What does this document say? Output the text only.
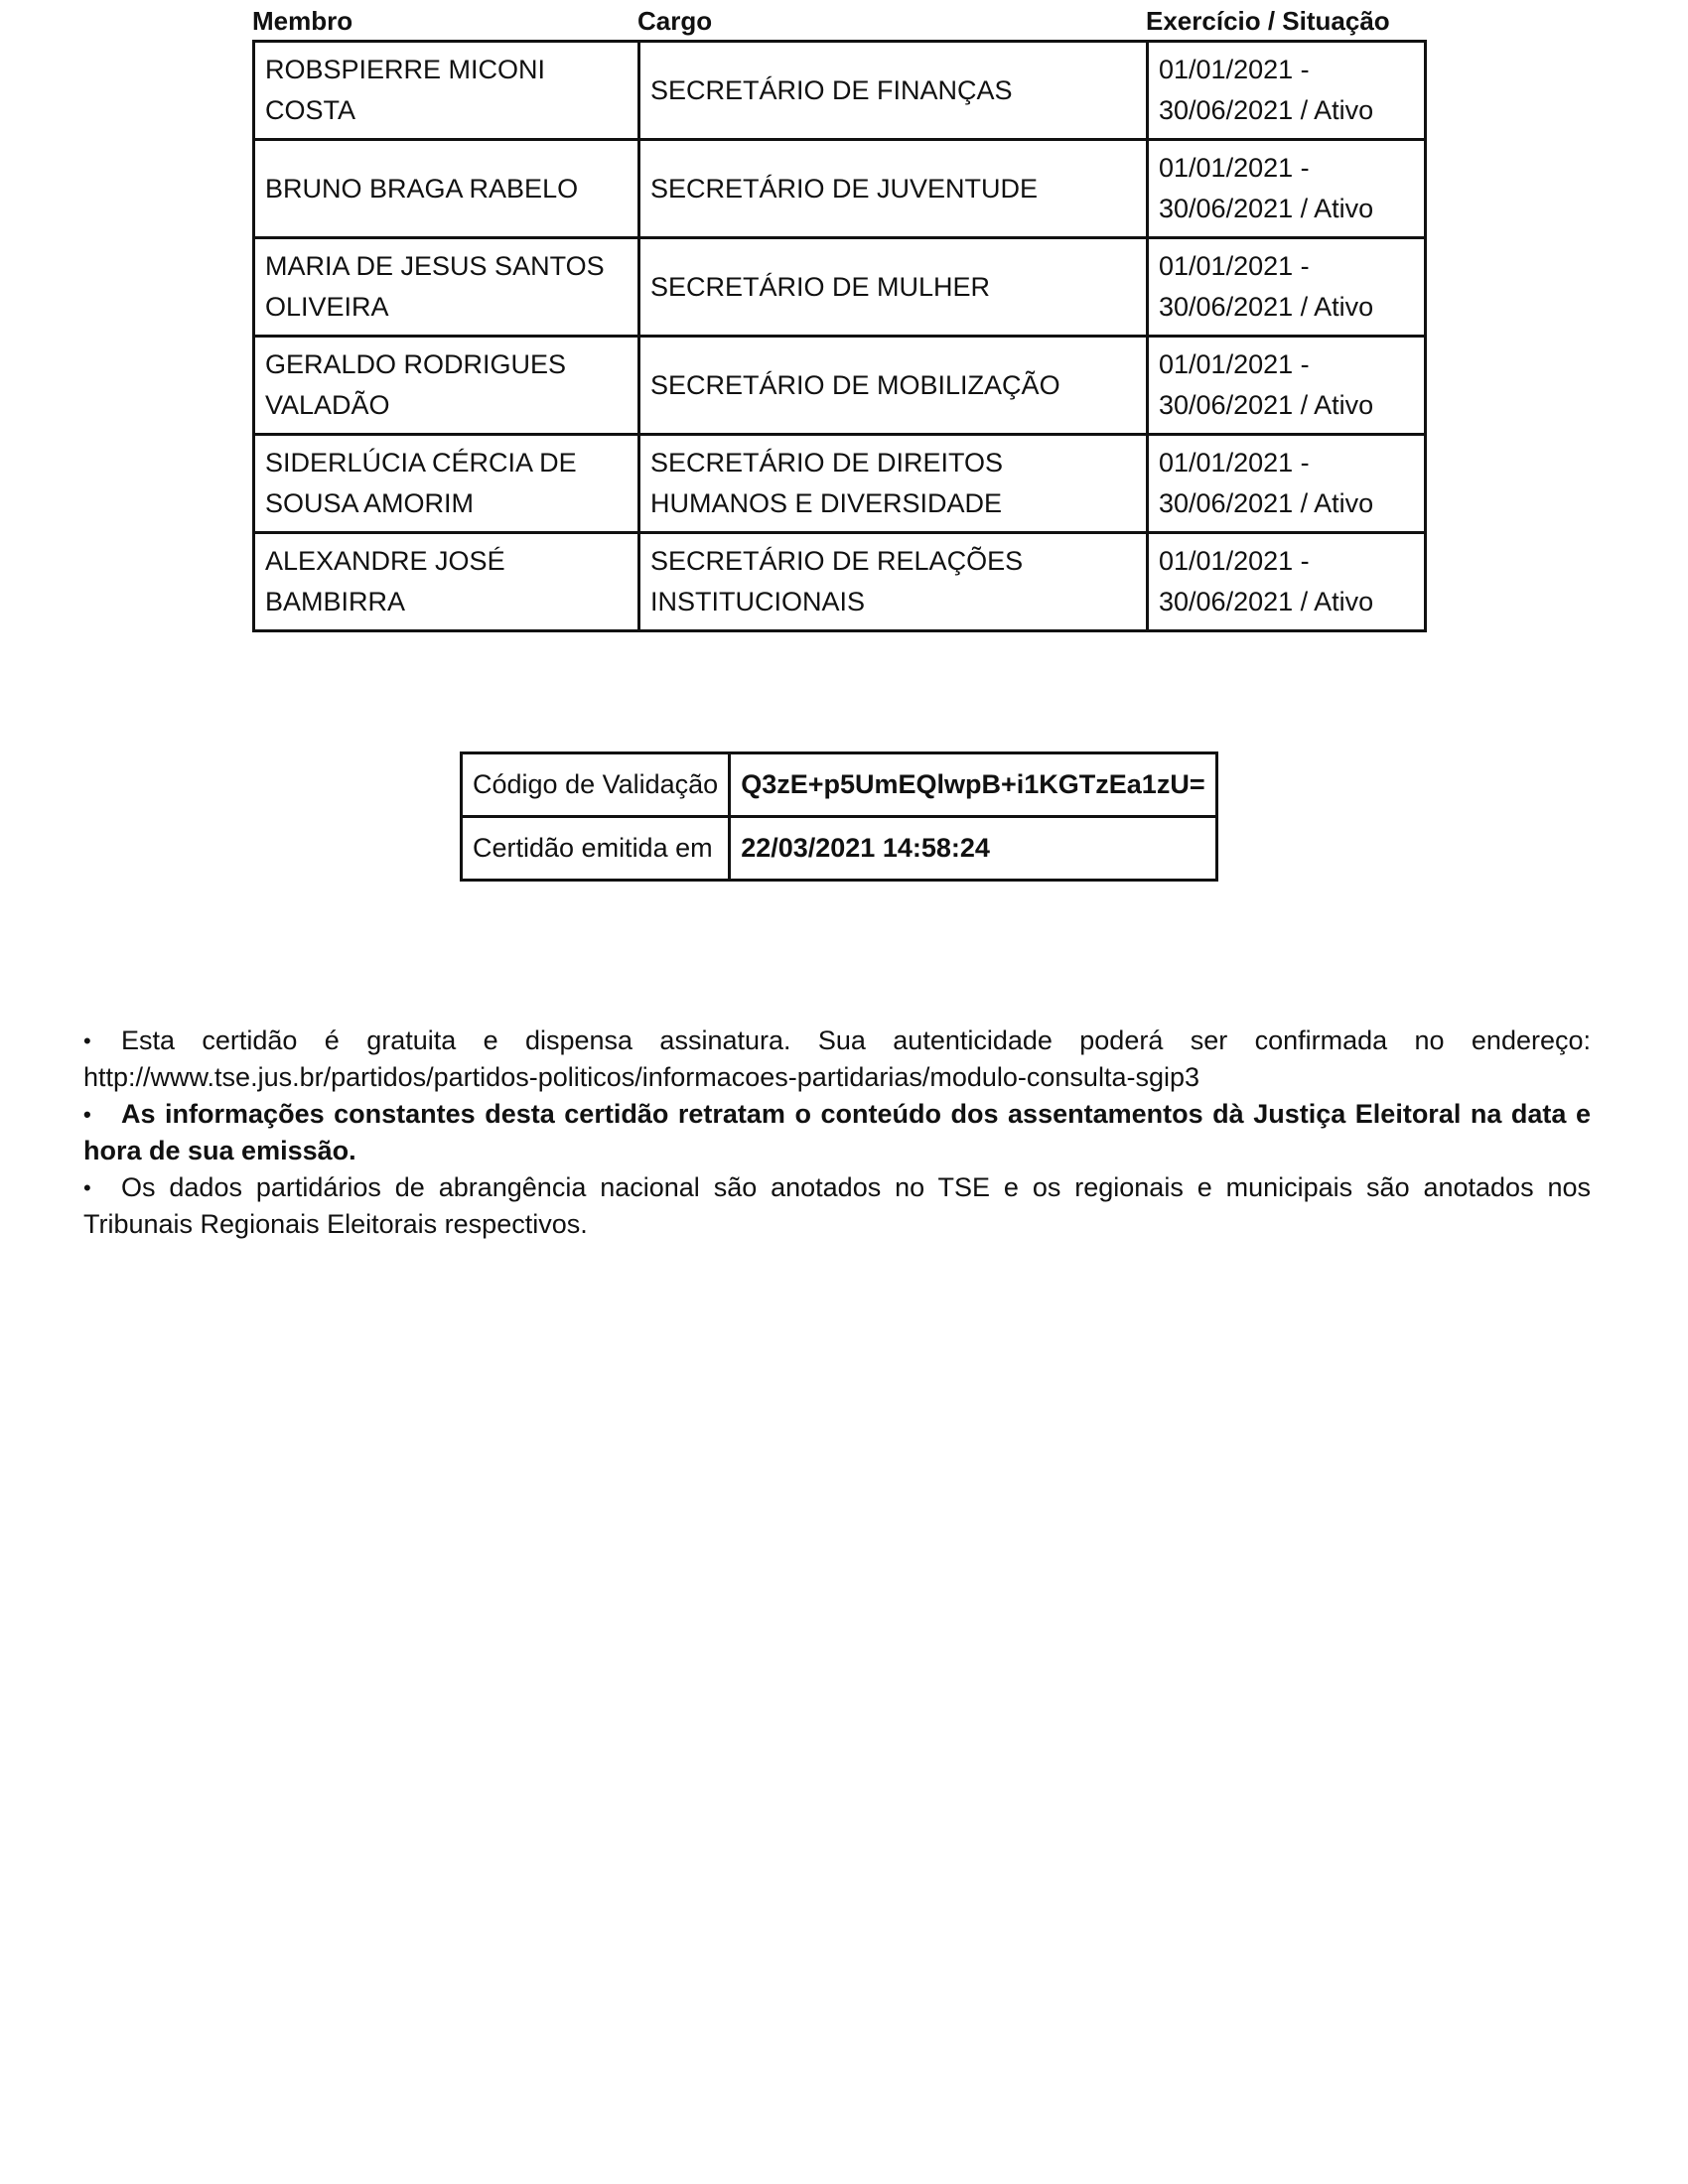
Membro	Cargo	Exercício / Situação
ROBSPIERRE MICONI COSTA	SECRETÁRIO DE FINANÇAS	01/01/2021 - 30/06/2021 / Ativo
BRUNO BRAGA RABELO	SECRETÁRIO DE JUVENTUDE	01/01/2021 - 30/06/2021 / Ativo
MARIA DE JESUS SANTOS OLIVEIRA	SECRETÁRIO DE MULHER	01/01/2021 - 30/06/2021 / Ativo
GERALDO RODRIGUES VALADÃO	SECRETÁRIO DE MOBILIZAÇÃO	01/01/2021 - 30/06/2021 / Ativo
SIDERLÚCIA CÉRCIA DE SOUSA AMORIM	SECRETÁRIO DE DIREITOS HUMANOS E DIVERSIDADE	01/01/2021 - 30/06/2021 / Ativo
ALEXANDRE JOSÉ BAMBIRRA	SECRETÁRIO DE RELAÇÕES INSTITUCIONAIS	01/01/2021 - 30/06/2021 / Ativo
Código de Validação	Q3zE+p5UmEQlwpB+i1KGTzEa1zU=
Certidão emitida em	22/03/2021 14:58:24

• Esta certidão é gratuita e dispensa assinatura. Sua autenticidade poderá ser confirmada no endereço: http://www.tse.jus.br/partidos/partidos-politicos/informacoes-partidarias/modulo-consulta-sgip3

• As informações constantes desta certidão retratam o conteúdo dos assentamentos dà Justiça Eleitoral na data e hora de sua emissão.

• Os dados partidários de abrangência nacional são anotados no TSE e os regionais e municipais são anotados nos Tribunais Regionais Eleitorais respectivos.
